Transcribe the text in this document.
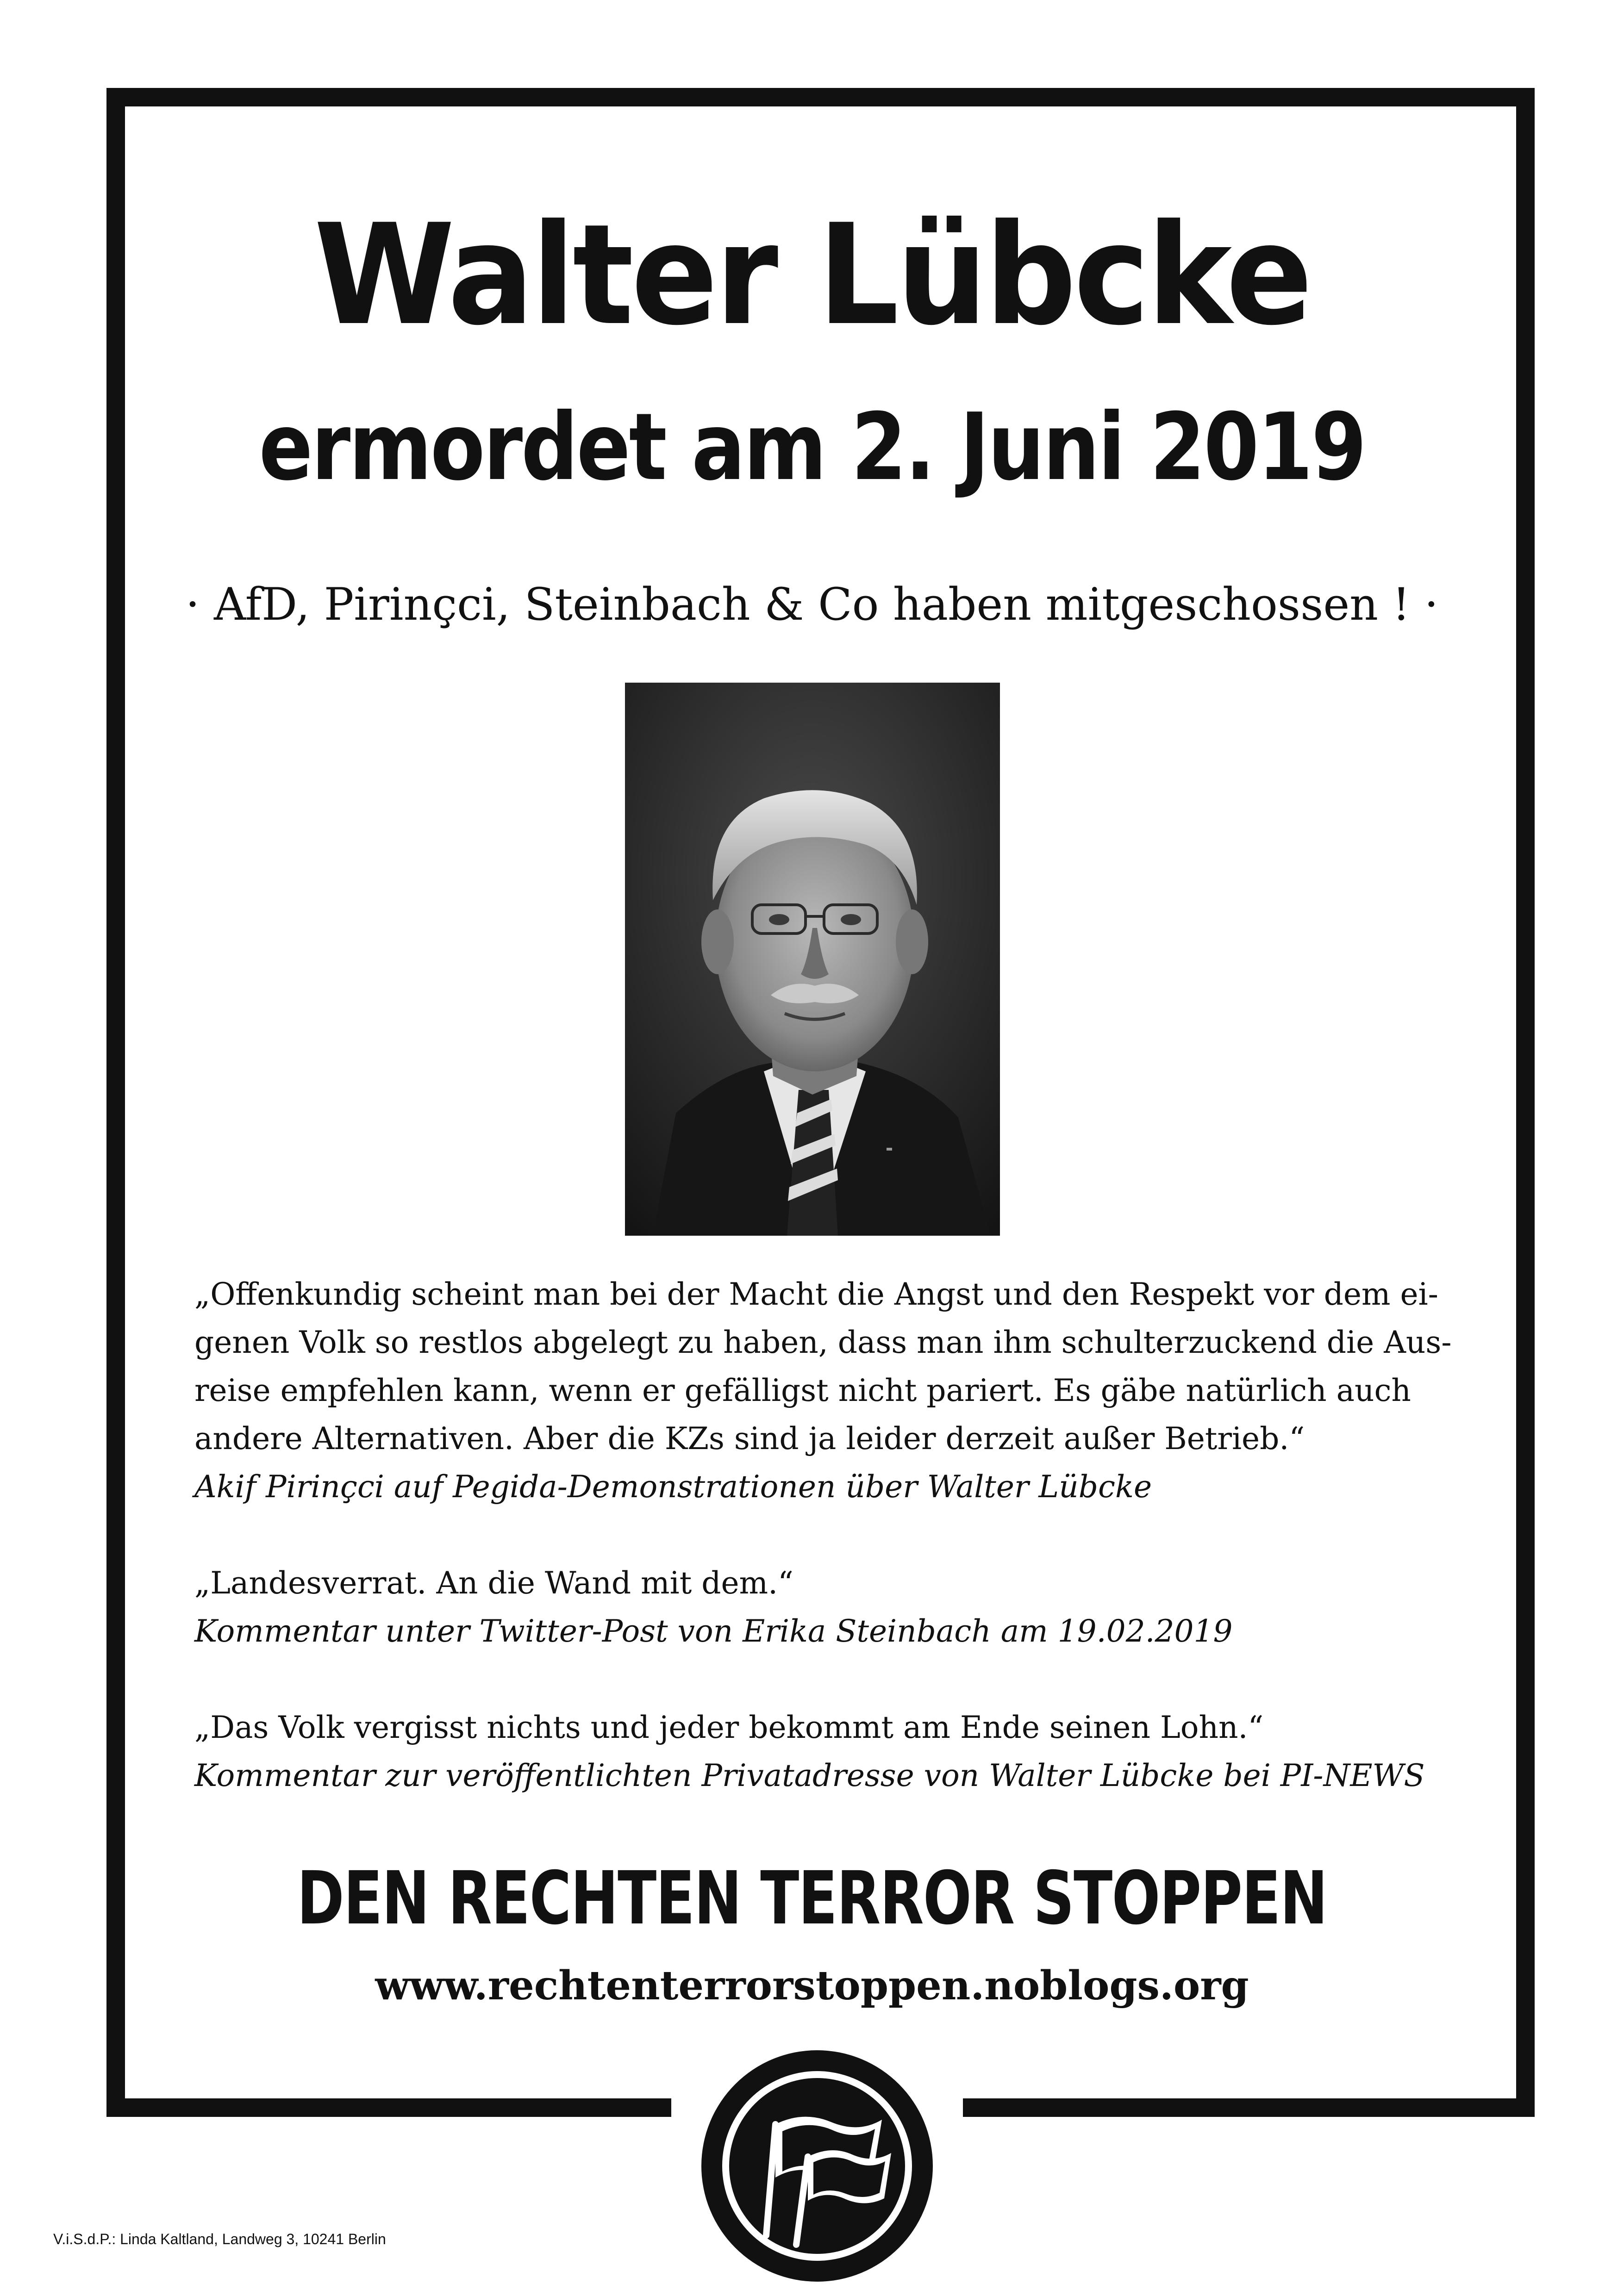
Walter Lübcke
ermordet am 2. Juni 2019
· AfD, Pirinçci, Steinbach & Co haben mitgeschossen ! ·

„Offenkundig scheint man bei der Macht die Angst und den Respekt vor dem ei-

genen Volk so restlos abgelegt zu haben, dass man ihm schulterzuckend die Aus-

reise empfehlen kann, wenn er gefälligst nicht pariert. Es gäbe natürlich auch

andere Alternativen. Aber die KZs sind ja leider derzeit außer Betrieb.“

Akif Pirinçci auf Pegida-Demonstrationen über Walter Lübcke

„Landesverrat. An die Wand mit dem.“

Kommentar unter Twitter-Post von Erika Steinbach am 19.02.2019

„Das Volk vergisst nichts und jeder bekommt am Ende seinen Lohn.“

Kommentar zur veröffentlichten Privatadresse von Walter Lübcke bei PI-NEWS

DEN RECHTEN TERROR STOPPEN
www.rechtenterrorstoppen.noblogs.org
V.i.S.d.P.: Linda Kaltland, Landweg 3, 10241 Berlin
